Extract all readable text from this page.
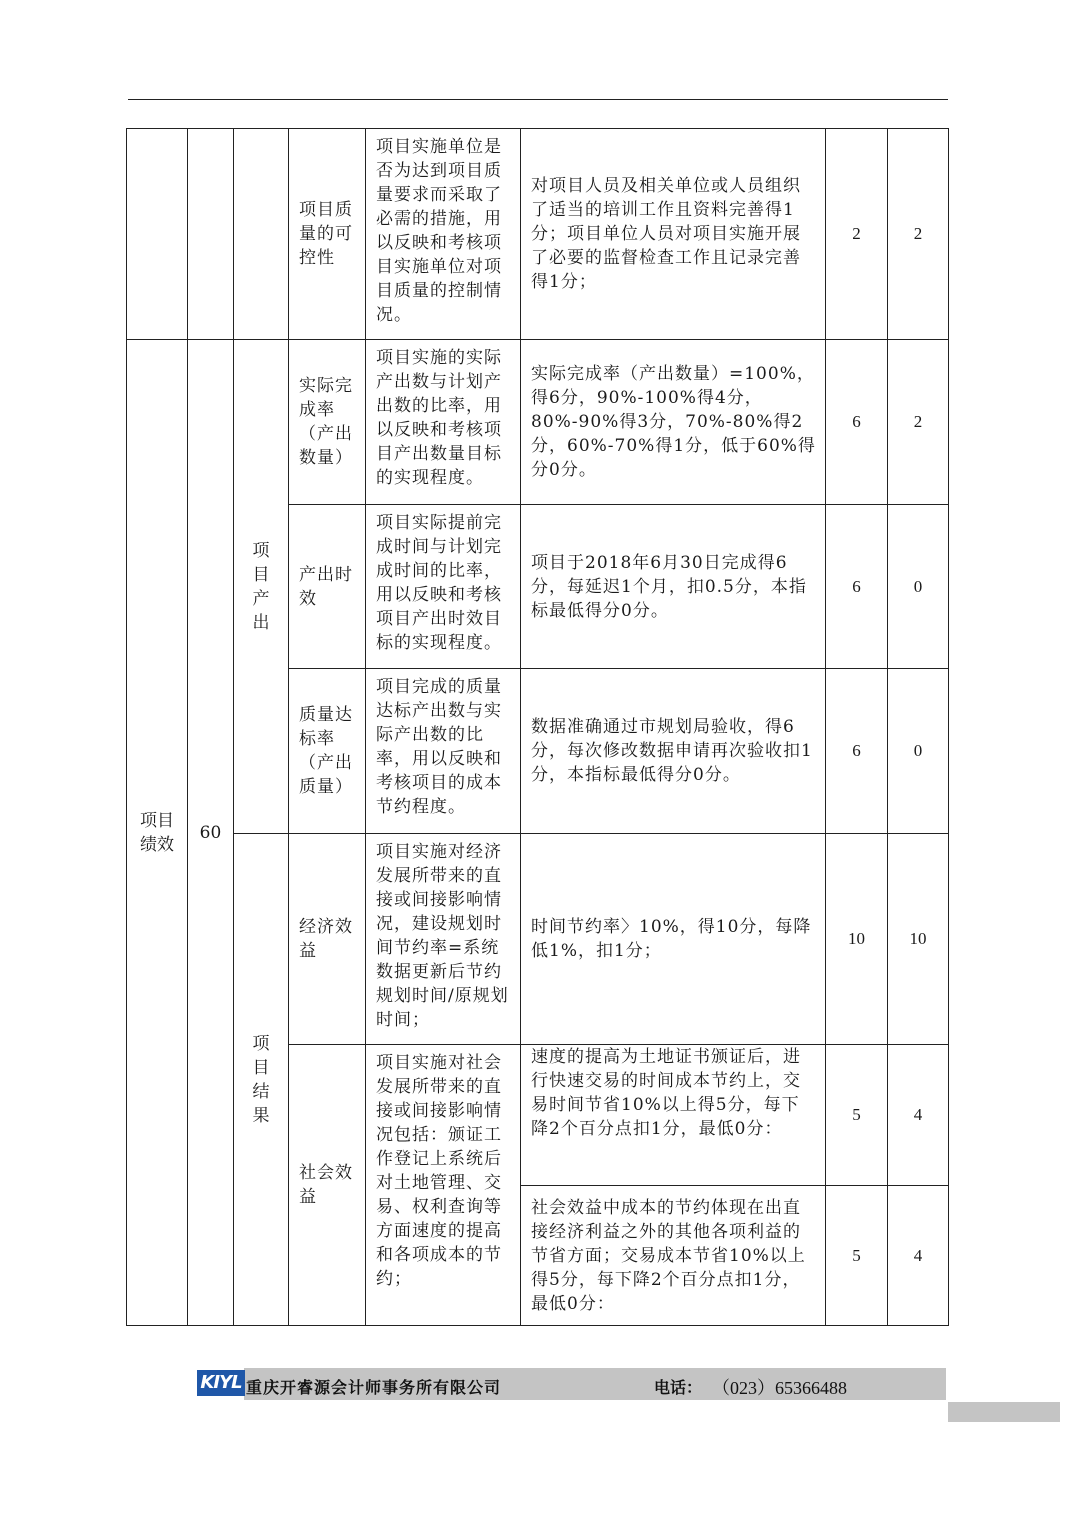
			项目质量的可控性	项目实施单位是否为达到项目质量要求而采取了必需的措施，用以反映和考核项目实施单位对项目质量的控制情况。	对项目人员及相关单位或人员组织了适当的培训工作且资料完善得1分；项目单位人员对项目实施开展了必要的监督检查工作且记录完善得1分；	2	2
项目绩效	60	项目产出	实际完成率（产出数量）	项目实施的实际产出数与计划产出数的比率，用以反映和考核项目产出数量目标的实现程度。	实际完成率（产出数量）=100%，得6分，90%-100%得4分，80%-90%得3分，70%-80%得2分，60%-70%得1分，低于60%得分0分。	6	2
			产出时效	项目实际提前完成时间与计划完成时间的比率，用以反映和考核项目产出时效目标的实现程度。	项目于2018年6月30日完成得6分，每延迟1个月，扣0.5分，本指标最低得分0分。	6	0
			质量达标率（产出质量）	项目完成的质量达标产出数与实际产出数的比率，用以反映和考核项目的成本节约程度。	数据准确通过市规划局验收，得6分，每次修改数据申请再次验收扣1分，本指标最低得分0分。	6	0
		项目结果	经济效益	项目实施对经济发展所带来的直接或间接影响情况，建设规划时间节约率=系统数据更新后节约规划时间/原规划时间；	时间节约率〉10%，得10分，每降低1%，扣1分；	10	10
			社会效益	项目实施对社会发展所带来的直接或间接影响情况包括：颁证工作登记上系统后对土地管理、交易、权利查询等方面速度的提高和各项成本的节约；	速度的提高为土地证书颁证后，进行快速交易的时间成本节约上，交易时间节省10%以上得5分，每下降2个百分点扣1分，最低0分：	5	4
					社会效益中成本的节约体现在出直接经济利益之外的其他各项利益的节省方面；交易成本节省10%以上得5分，每下降2个百分点扣1分，最低0分：	5	4
KIYL 重庆开睿源会计师事务所有限公司	电话： （023）65366488
